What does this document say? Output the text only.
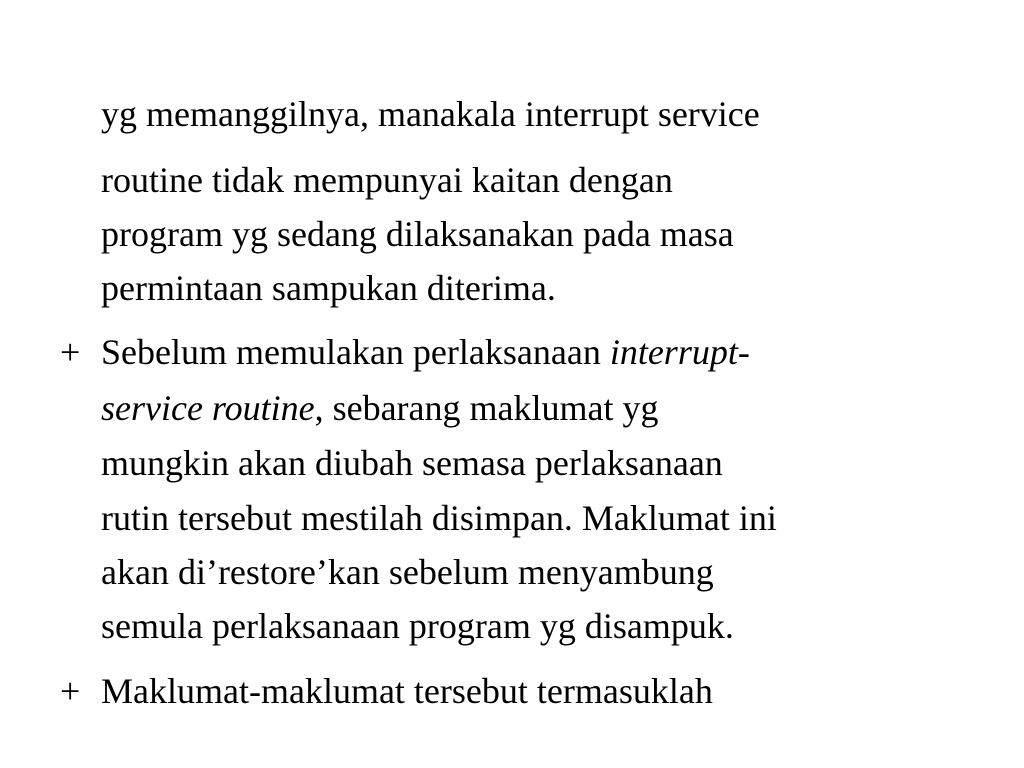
yg memanggilnya, manakala interrupt service
routine tidak mempunyai kaitan dengan
program yg sedang dilaksanakan pada masa
permintaan sampukan diterima.
+ Sebelum memulakan perlaksanaan interrupt-
service routine, sebarang maklumat yg
mungkin akan diubah semasa perlaksanaan
rutin tersebut mestilah disimpan. Maklumat ini
akan di’restore’kan sebelum menyambung
semula perlaksanaan program yg disampuk.
+ Maklumat-maklumat tersebut termasuklah
